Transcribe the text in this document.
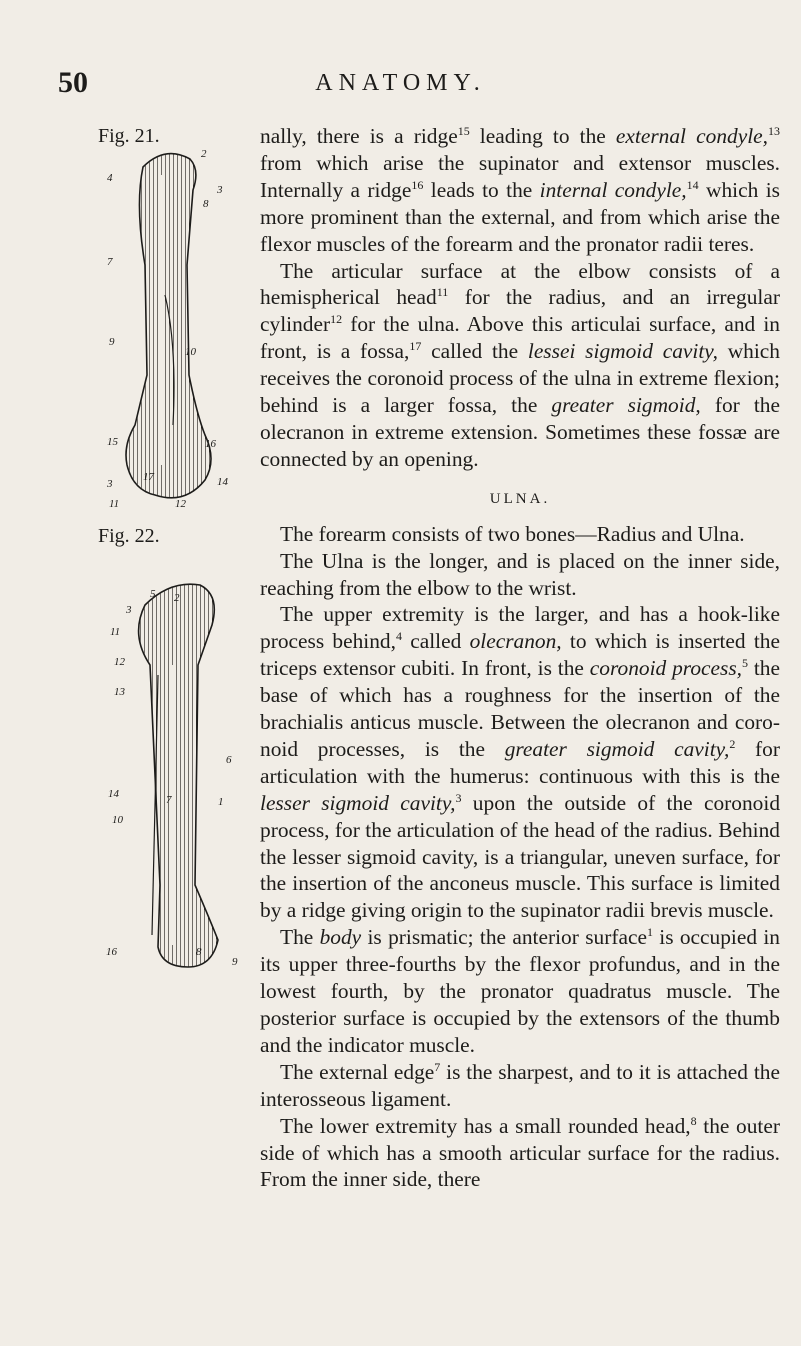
50	ANATOMY.
Fig. 21.
2
3
4
8
7
9
10
15	16
3	14
11	12
17
Fig. 22.
5
3
2
11
12
13
14
10
6
7	1
16	8
9

nally, there is a ridge$^{15}$ leading to the external condyle,$^{13}$ from which arise the supinator and extensor muscles. Internally a ridge$^{16}$ leads to the internal condyle,$^{14}$ which is more prominent than the external, and from which arise the flexor muscles of the forearm and the pronator radii teres.

The articular surface at the elbow consists of a hemispherical head$^{11}$ for the radius, and an irregular cylinder$^{12}$ for the ulna. Above this articulai surface, and in front, is a fossa,$^{17}$ called the lessei sigmoid cavity, which receives the coronoid process of the ulna in extreme flexion; behind is a larger fossa, the greater sigmoid, for the olecranon in extreme extension. Sometimes these fossæ are connected by an opening.

ULNA.

The forearm consists of two bones—Radius and Ulna.

The Ulna is the longer, and is placed on the inner side, reaching from the elbow to the wrist.

The upper extremity is the larger, and has a hook-like process behind,$^4$ called olecranon, to which is inserted the triceps extensor cubiti. In front, is the coronoid process,$^5$ the base of which has a roughness for the insertion of the brachialis anticus muscle. Between the olecranon and coronoid processes, is the greater sigmoid cavity,$^2$ for articulation with the humerus: continuous with this is the lesser sigmoid cavity,$^3$ upon the outside of the coronoid process, for the articulation of the head of the radius. Behind the lesser sigmoid cavity, is a triangular, uneven surface, for the insertion of the anconeus muscle. This surface is limited by a ridge giving origin to the supinator radii brevis muscle.

The body is prismatic; the anterior surface$^1$ is occupied in its upper three-fourths by the flexor profundus, and in the lowest fourth, by the pronator quadratus muscle. The posterior surface is occupied by the extensors of the thumb and the indicator muscle.

The external edge$^7$ is the sharpest, and to it is attached the interosseous ligament.

The lower extremity has a small rounded head,$^8$ the outer side of which has a smooth articular surface for the radius. From the inner side, there
